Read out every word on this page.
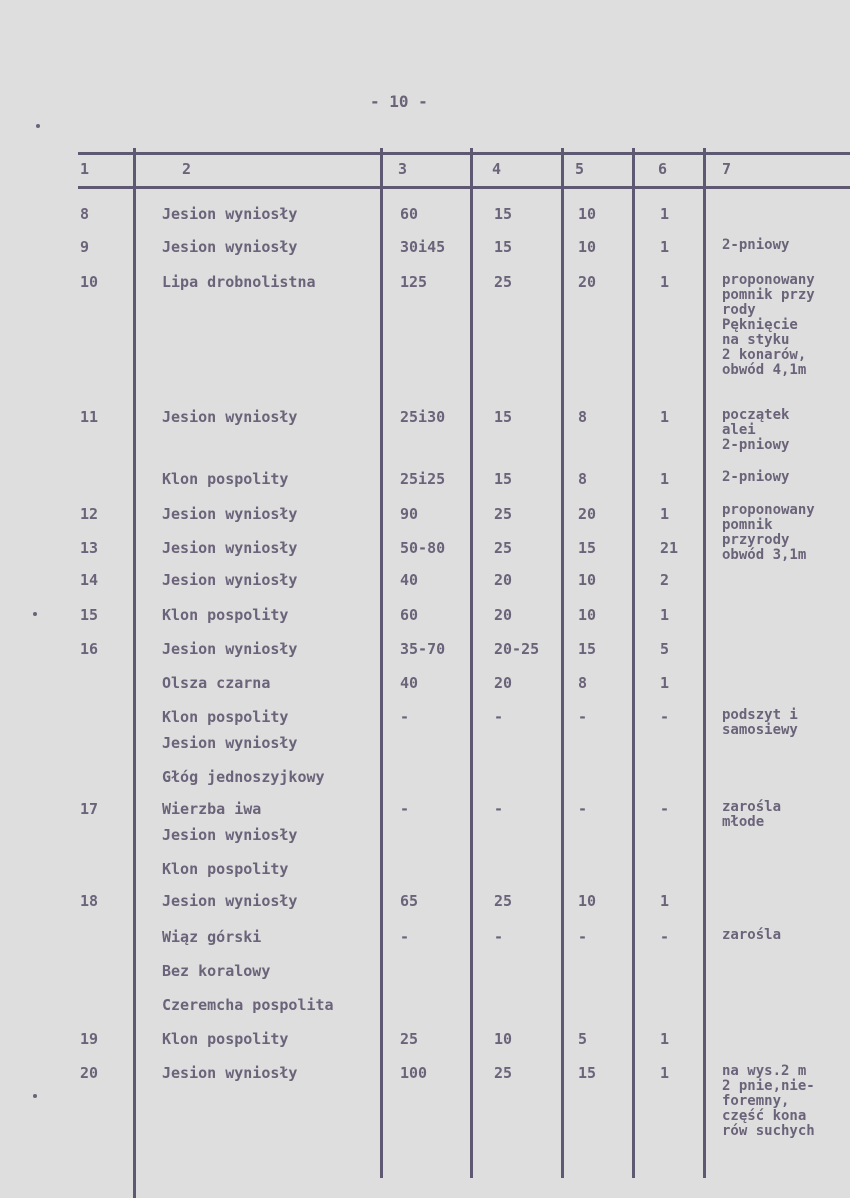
- 10 -
1	2	3	4	5	6	7
8	Jesion wyniosły	60	15	10	1
9	Jesion wyniosły	30i45	15	10	1	2-pniowy
10	Lipa drobnolistna	125	25	20	1	proponowany
pomnik przy
rody
Pęknięcie
na styku
2 konarów,
obwód 4,1m
11	Jesion wyniosły	25i30	15	8	1	początek
alei
2-pniowy
Klon pospolity	25i25	15	8	1	2-pniowy
12	Jesion wyniosły	90	25	20	1	proponowany
pomnik
przyrody
obwód 3,1m
13	Jesion wyniosły	50-80	25	15	21
14	Jesion wyniosły	40	20	10	2
15	Klon pospolity	60	20	10	1
16	Jesion wyniosły	35-70	20-25	15	5
Olsza czarna	40	20	8	1
Klon pospolity	-	-	-	-	podszyt i
samosiewy
Jesion wyniosły
Głóg jednoszyjkowy
17	Wierzba iwa	-	-	-	-	zarośla
młode
Jesion wyniosły
Klon pospolity
18	Jesion wyniosły	65	25	10	1
Wiąz górski	-	-	-	-	zarośla
Bez koralowy
Czeremcha pospolita
19	Klon pospolity	25	10	5	1
20	Jesion wyniosły	100	25	15	1	na wys.2 m
2 pnie,nie-
foremny,
część kona
rów suchych
